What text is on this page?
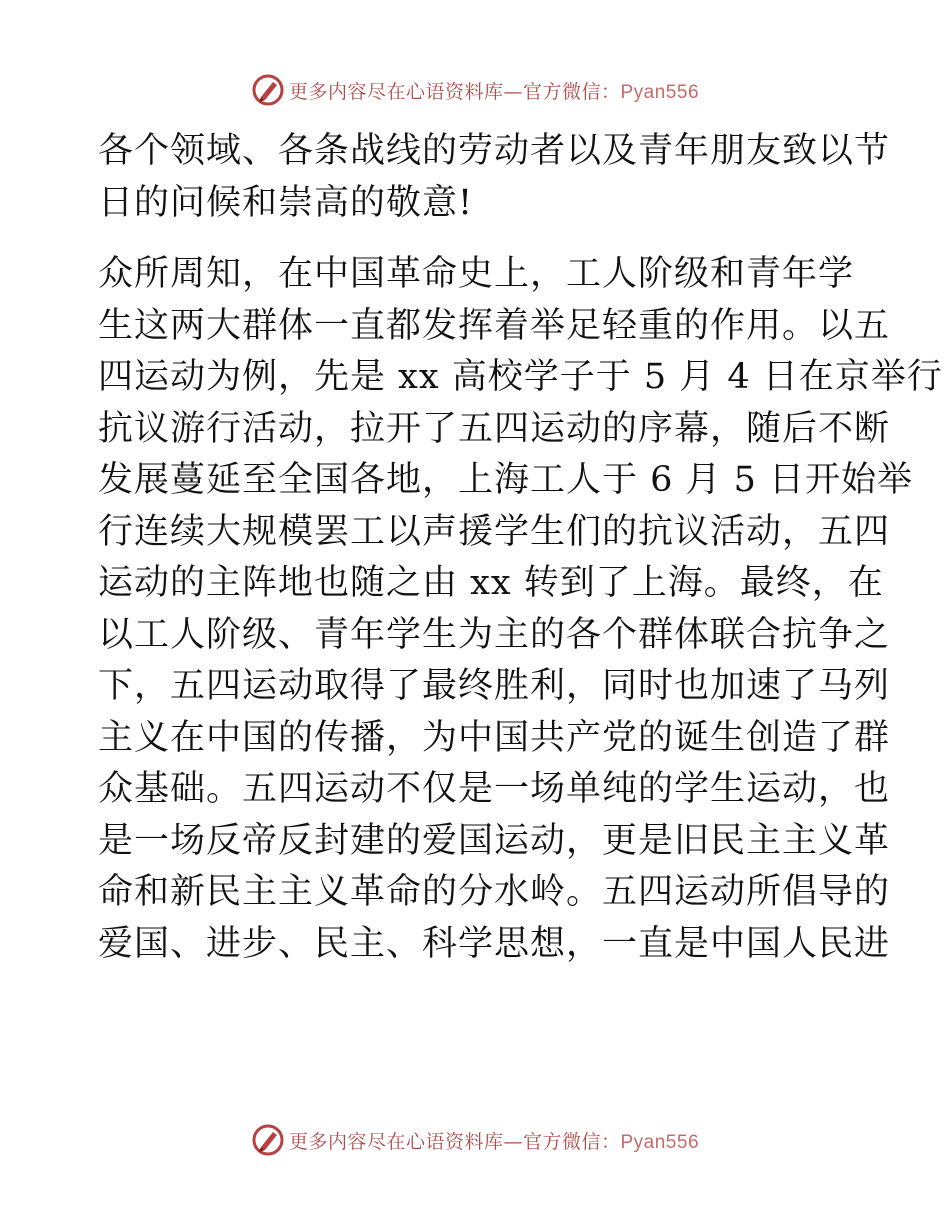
更多内容尽在心语资料库—官方微信：Pyan556
各个领域、各条战线的劳动者以及青年朋友致以节
日的问候和崇高的敬意!
众所周知，在中国革命史上，工人阶级和青年学
生这两大群体一直都发挥着举足轻重的作用。以五
四运动为例，先是 xx 高校学子于 5 月 4 日在京举行
抗议游行活动，拉开了五四运动的序幕，随后不断
发展蔓延至全国各地，上海工人于 6 月 5 日开始举
行连续大规模罢工以声援学生们的抗议活动，五四
运动的主阵地也随之由 xx 转到了上海。最终，在
以工人阶级、青年学生为主的各个群体联合抗争之
下，五四运动取得了最终胜利，同时也加速了马列
主义在中国的传播，为中国共产党的诞生创造了群
众基础。五四运动不仅是一场单纯的学生运动，也
是一场反帝反封建的爱国运动，更是旧民主主义革
命和新民主主义革命的分水岭。五四运动所倡导的
爱国、进步、民主、科学思想，一直是中国人民进
更多内容尽在心语资料库—官方微信：Pyan556
